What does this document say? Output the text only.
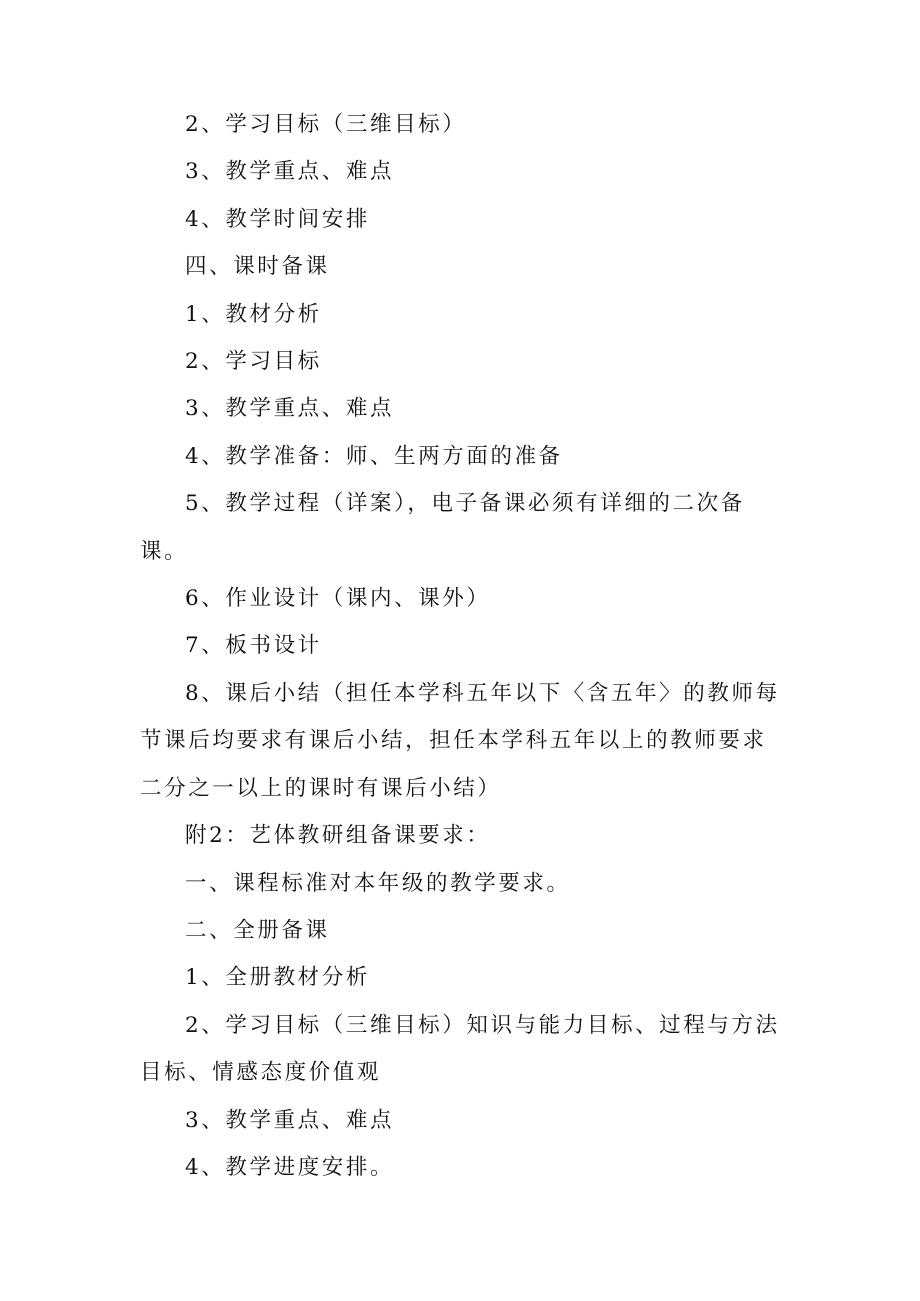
2、学习目标（三维目标）

3、教学重点、难点

4、教学时间安排

四、课时备课

1、教材分析

2、学习目标

3、教学重点、难点

4、教学准备：师、生两方面的准备

5、教学过程（详案），电子备课必须有详细的二次备课。

6、作业设计（课内、课外）

7、板书设计

8、课后小结（担任本学科五年以下〈含五年〉的教师每节课后均要求有课后小结，担任本学科五年以上的教师要求二分之一以上的课时有课后小结）

附2：艺体教研组备课要求：

一、课程标准对本年级的教学要求。

二、全册备课

1、全册教材分析

2、学习目标（三维目标）知识与能力目标、过程与方法目标、情感态度价值观

3、教学重点、难点

4、教学进度安排。
